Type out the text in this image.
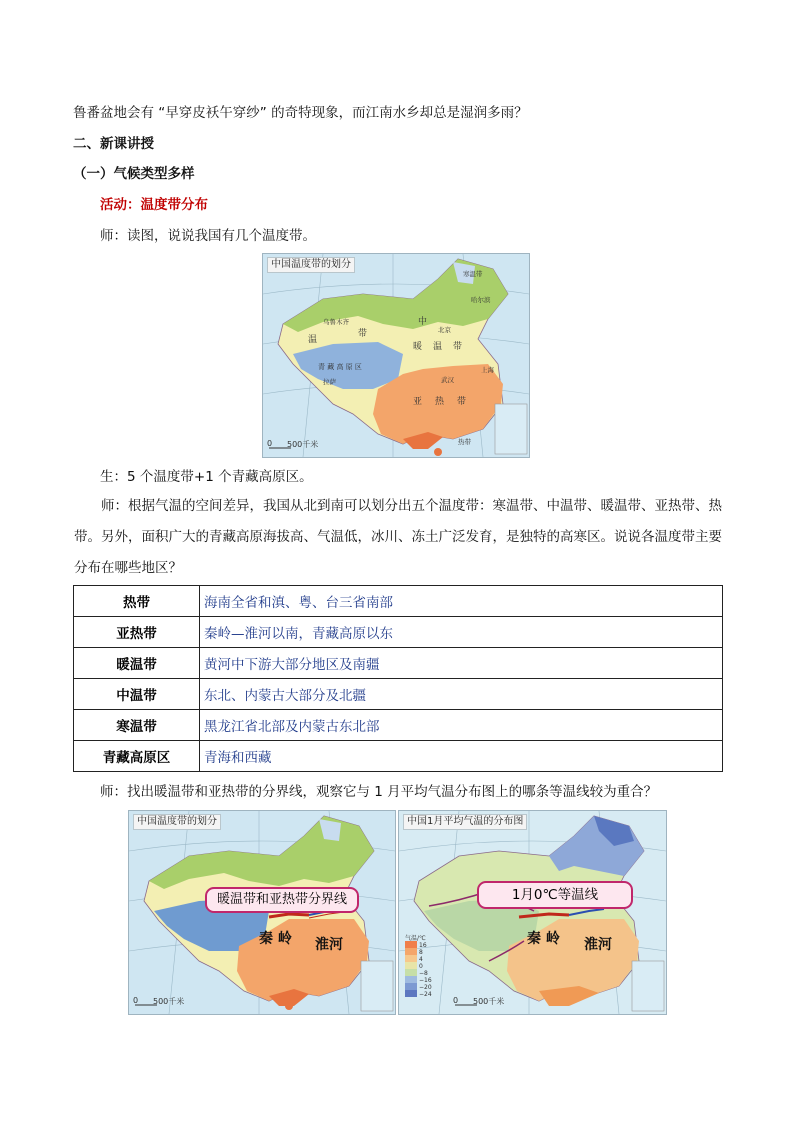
鲁番盆地会有 “早穿皮袄午穿纱” 的奇特现象，而江南水乡却总是湿润多雨？
二、新课讲授
（一）气候类型多样
活动：温度带分布
师：读图，说说我国有几个温度带。
乌鲁木齐
寒温带
哈尔滨
北京
中
温
带
暖 温 带
青 藏 高 原 区
拉萨	武汉
上海
亚 热 带
热带
中国温度带的划分
0 500千米
生：5 个温度带+1 个青藏高原区。
师：根据气温的空间差异，我国从北到南可以划分出五个温度带：寒温带、中温带、暖温带、亚热带、热带。另外，面积广大的青藏高原海拔高、气温低，冰川、冻土广泛发育，是独特的高寒区。说说各温度带主要分布在哪些地区？
热带	海南全省和滇、粤、台三省南部
亚热带	秦岭—淮河以南，青藏高原以东
暖温带	黄河中下游大部分地区及南疆
中温带	东北、内蒙古大部分及北疆
寒温带	黑龙江省北部及内蒙古东北部
青藏高原区	青海和西藏
师：找出暖温带和亚热带的分界线，观察它与 1 月平均气温分布图上的哪条等温线较为重合？
中国温度带的划分
暖温带和亚热带分界线
秦 岭 淮河
0 500千米
中国1月平均气温的分布图
1月0℃等温线
秦 岭 淮河
气温/℃
16
8
4
0
−8
−16
−20
−24
0 500千米
